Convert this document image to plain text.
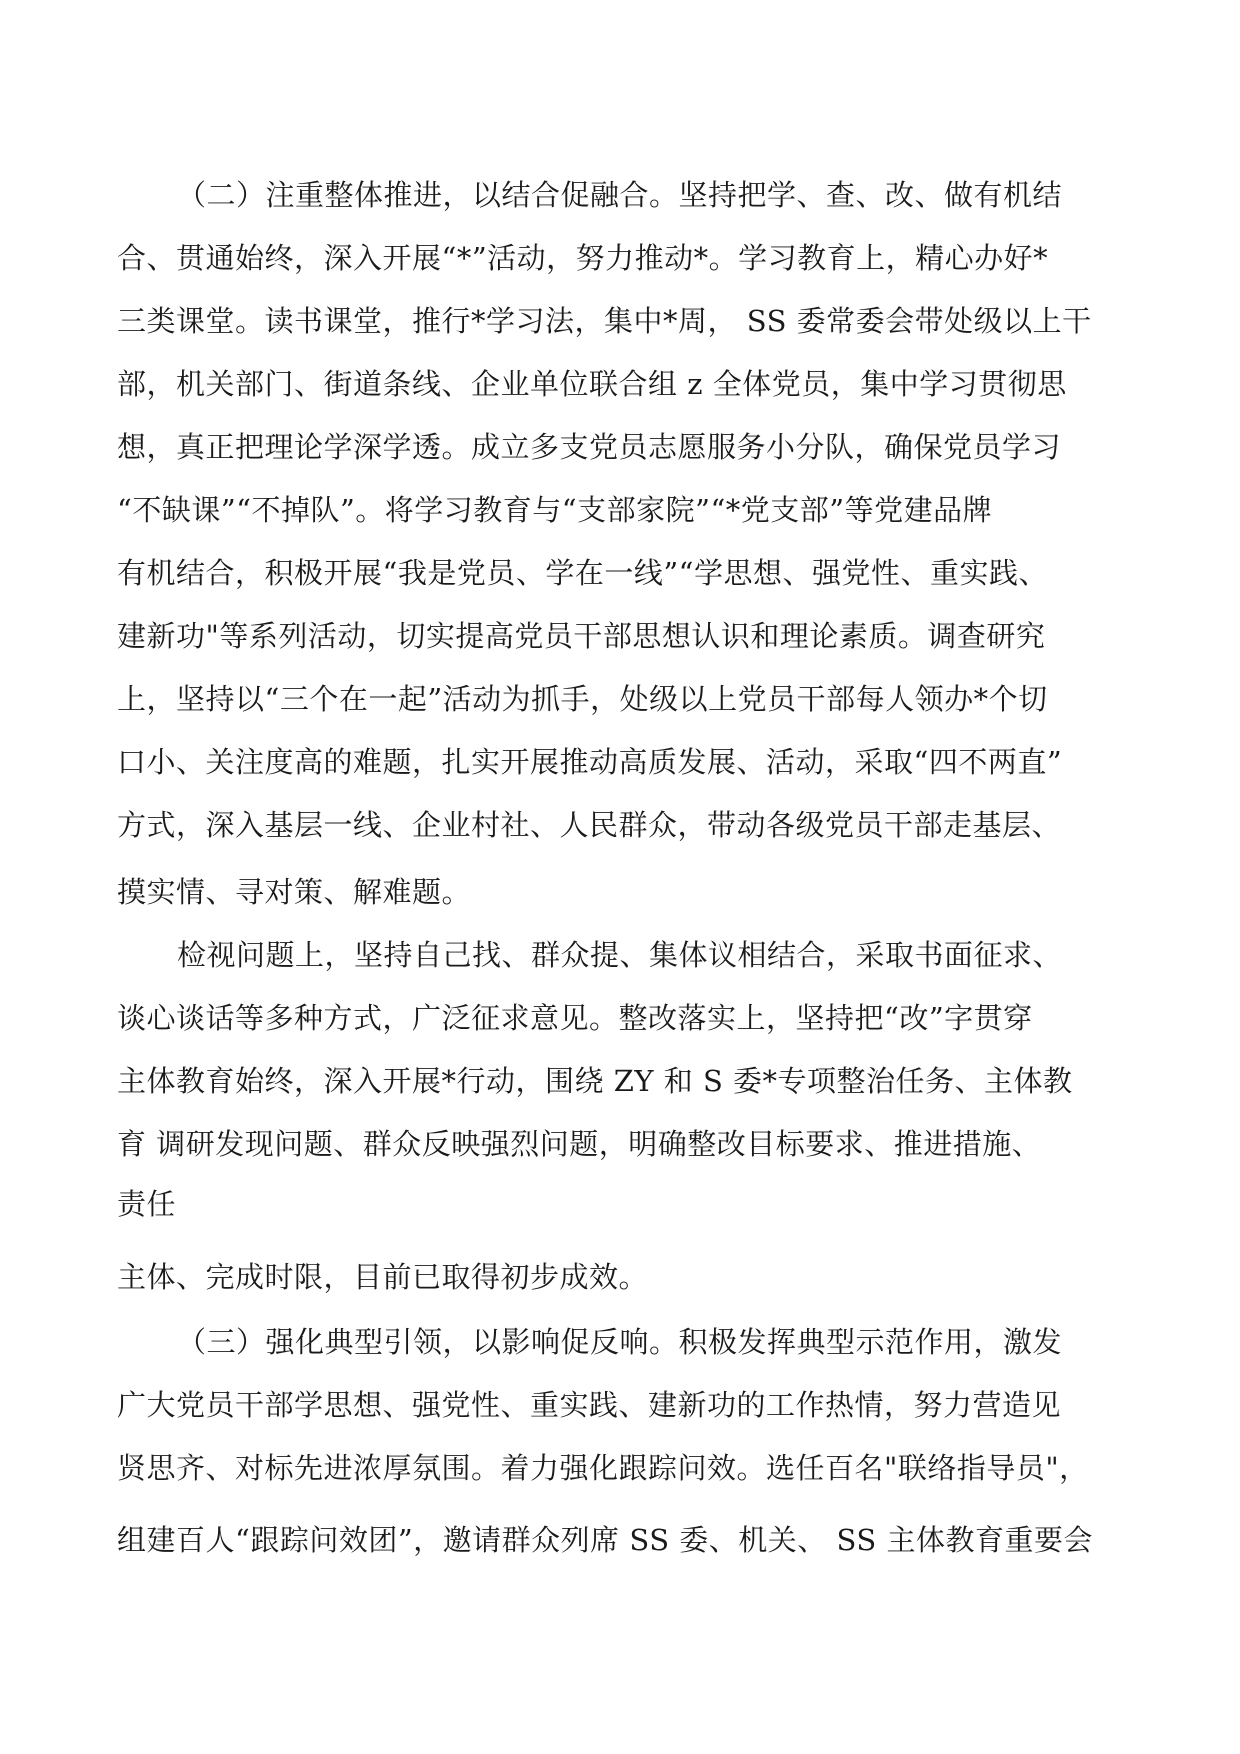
（二）注重整体推进，以结合促融合。坚持把学、查、改、做有机结

合、贯通始终，深入开展“*”活动，努力推动*。学习教育上，精心办好*

三类课堂。读书课堂，推行*学习法，集中*周， SS 委常委会带处级以上干

部，机关部门、街道条线、企业单位联合组 z 全体党员，集中学习贯彻思

想，真正把理论学深学透。成立多支党员志愿服务小分队，确保党员学习

“不缺课”“不掉队”。将学习教育与“支部家院”“*党支部”等党建品牌

有机结合，积极开展“我是党员、学在一线”“学思想、强党性、重实践、

建新功"等系列活动，切实提高党员干部思想认识和理论素质。调查研究

上，坚持以“三个在一起”活动为抓手，处级以上党员干部每人领办*个切

口小、关注度高的难题，扎实开展推动高质发展、活动，采取“四不两直”

方式，深入基层一线、企业村社、人民群众，带动各级党员干部走基层、

摸实情、寻对策、解难题。

检视问题上，坚持自己找、群众提、集体议相结合，采取书面征求、

谈心谈话等多种方式，广泛征求意见。整改落实上，坚持把“改”字贯穿

主体教育始终，深入开展*行动，围绕 ZY 和 S 委*专项整治任务、主体教

育 调研发现问题、群众反映强烈问题，明确整改目标要求、推进措施、

责任

主体、完成时限，目前已取得初步成效。

（三）强化典型引领，以影响促反响。积极发挥典型示范作用，激发

广大党员干部学思想、强党性、重实践、建新功的工作热情，努力营造见

贤思齐、对标先进浓厚氛围。着力强化跟踪问效。选任百名"联络指导员"，

组建百人“跟踪问效团”，邀请群众列席 SS 委、机关、 SS 主体教育重要会
